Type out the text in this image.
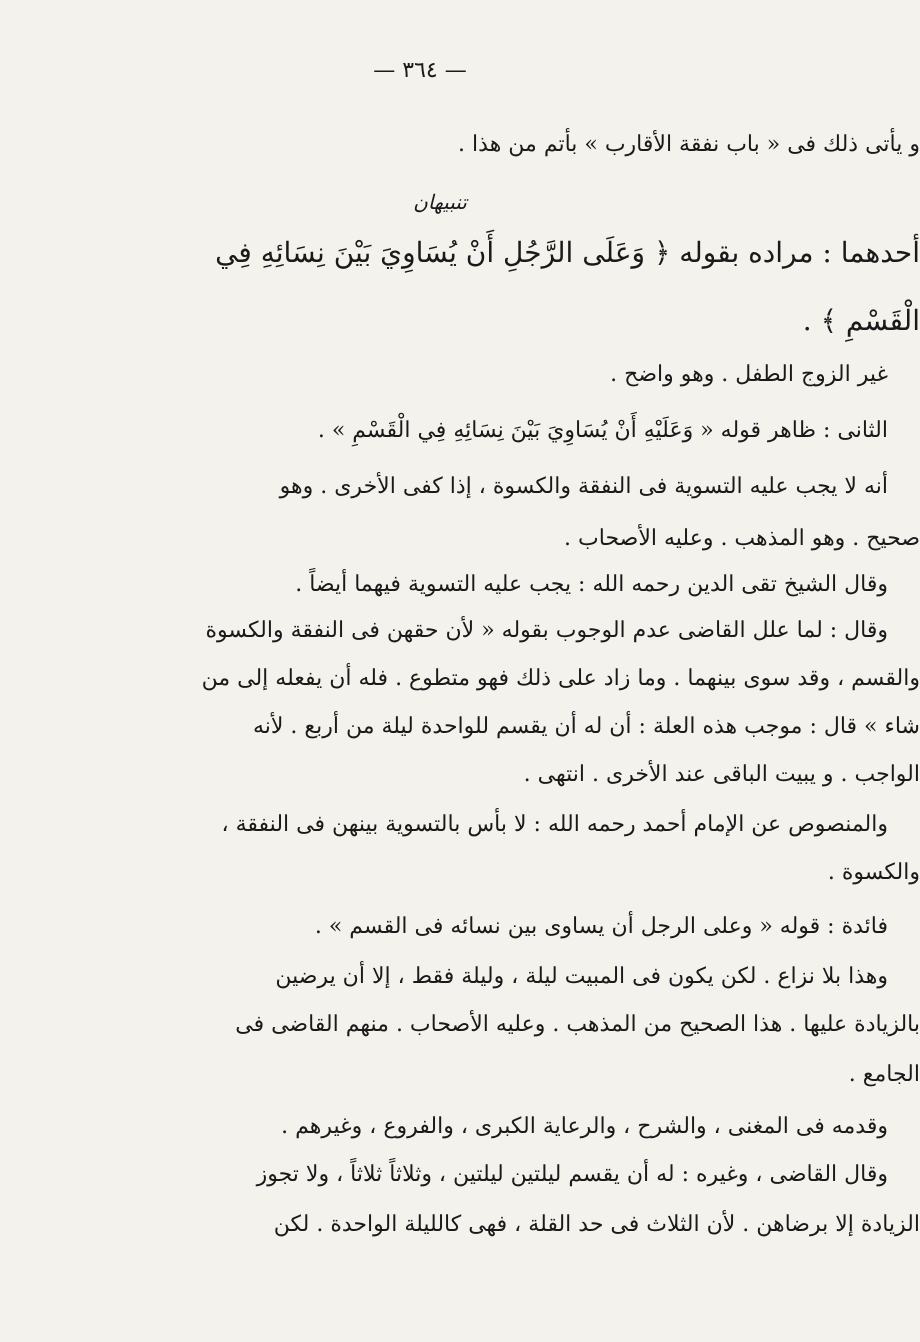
— ٣٦٤ —
و يأتى ذلك فى « باب نفقة الأقارب » بأتم من هذا .
تنبيهان
أحدهما : مراده بقوله ﴿ وَعَلَى الرَّجُلِ أَنْ يُسَاوِيَ بَيْنَ نِسَائِهِ فِي
الْقَسْمِ ﴾ .
غير الزوج الطفل . وهو واضح .
الثانى : ظاهر قوله « وَعَلَيْهِ أَنْ يُسَاوِيَ بَيْنَ نِسَائِهِ فِي الْقَسْمِ » .
أنه لا يجب عليه التسوية فى النفقة والكسوة ، إذا كفى الأخرى . وهو
صحيح . وهو المذهب . وعليه الأصحاب .
وقال الشيخ تقى الدين رحمه الله : يجب عليه التسوية فيهما أيضاً .
وقال : لما علل القاضى عدم الوجوب بقوله « لأن حقهن فى النفقة والكسوة
والقسم ، وقد سوى بينهما . وما زاد على ذلك فهو متطوع . فله أن يفعله إلى من
شاء » قال : موجب هذه العلة : أن له أن يقسم للواحدة ليلة من أربع . لأنه
الواجب . و يبيت الباقى عند الأخرى . انتهى .
والمنصوص عن الإمام أحمد رحمه الله : لا بأس بالتسوية بينهن فى النفقة ،
والكسوة .
فائدة : قوله « وعلى الرجل أن يساوى بين نسائه فى القسم » .
وهذا بلا نزاع . لكن يكون فى المبيت ليلة ، وليلة فقط ، إلا أن يرضين
بالزيادة عليها . هذا الصحيح من المذهب . وعليه الأصحاب . منهم القاضى فى
الجامع .
وقدمه فى المغنى ، والشرح ، والرعاية الكبرى ، والفروع ، وغيرهم .
وقال القاضى ، وغيره : له أن يقسم ليلتين ليلتين ، وثلاثاً ثلاثاً ، ولا تجوز
الزيادة إلا برضاهن . لأن الثلاث فى حد القلة ، فهى كالليلة الواحدة . لكن
